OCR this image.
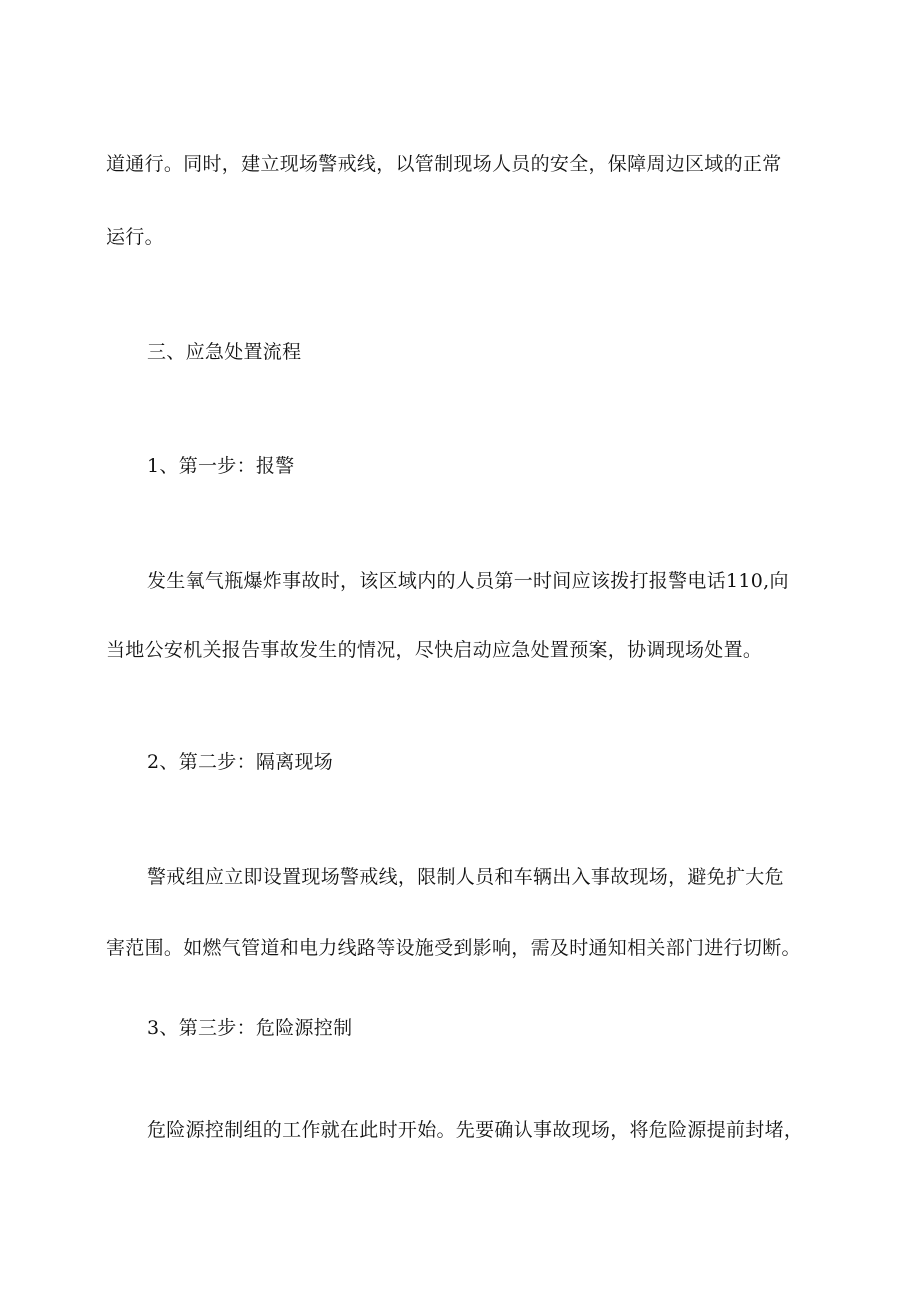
道通行。同时，建立现场警戒线，以管制现场人员的安全，保障周边区域的正常
运行。
三、应急处置流程
1、第一步：报警
发生氧气瓶爆炸事故时，该区域内的人员第一时间应该拨打报警电话110,向
当地公安机关报告事故发生的情况，尽快启动应急处置预案，协调现场处置。
2、第二步：隔离现场
警戒组应立即设置现场警戒线，限制人员和车辆出入事故现场，避免扩大危
害范围。如燃气管道和电力线路等设施受到影响，需及时通知相关部门进行切断。
3、第三步：危险源控制
危险源控制组的工作就在此时开始。先要确认事故现场，将危险源提前封堵，
